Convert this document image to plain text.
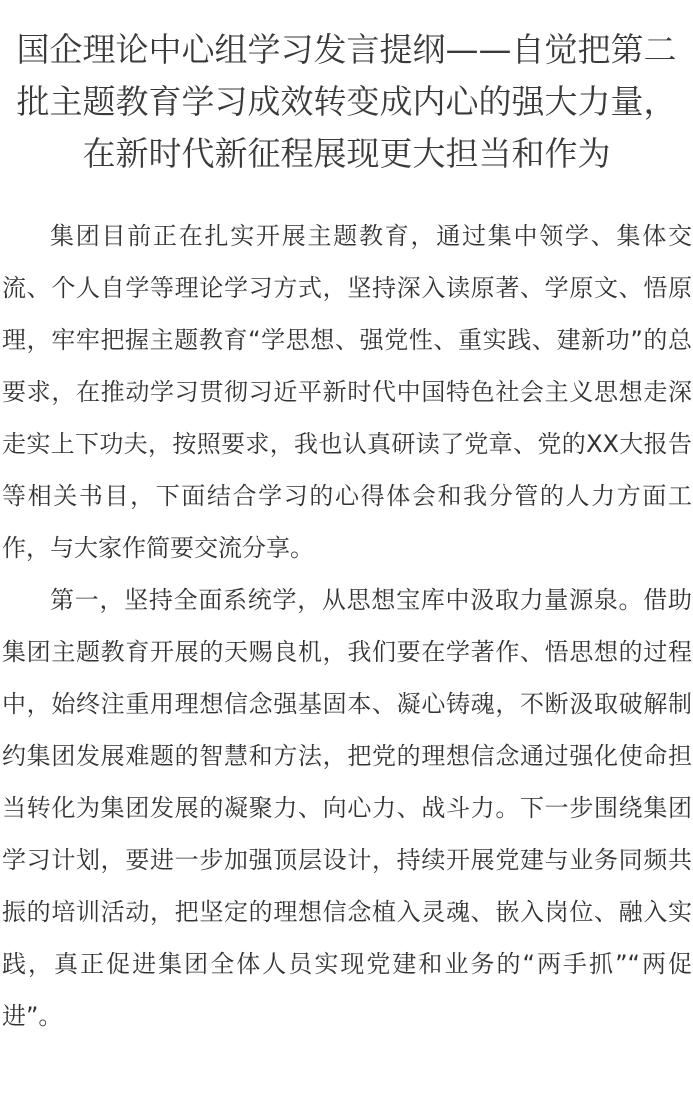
国企理论中心组学习发言提纲——自觉把第二批主题教育学习成效转变成内心的强大力量，在新时代新征程展现更大担当和作为

集团目前正在扎实开展主题教育，通过集中领学、集体交流、个人自学等理论学习方式，坚持深入读原著、学原文、悟原理，牢牢把握主题教育“学思想、强党性、重实践、建新功”的总要求，在推动学习贯彻习近平新时代中国特色社会主义思想走深走实上下功夫，按照要求，我也认真研读了党章、党的XX大报告等相关书目，下面结合学习的心得体会和我分管的人力方面工作，与大家作简要交流分享。

第一，坚持全面系统学，从思想宝库中汲取力量源泉。借助集团主题教育开展的天赐良机，我们要在学著作、悟思想的过程中，始终注重用理想信念强基固本、凝心铸魂，不断汲取破解制约集团发展难题的智慧和方法，把党的理想信念通过强化使命担当转化为集团发展的凝聚力、向心力、战斗力。下一步围绕集团学习计划，要进一步加强顶层设计，持续开展党建与业务同频共振的培训活动，把坚定的理想信念植入灵魂、嵌入岗位、融入实践，真正促进集团全体人员实现党建和业务的“两手抓”“两促进”。
